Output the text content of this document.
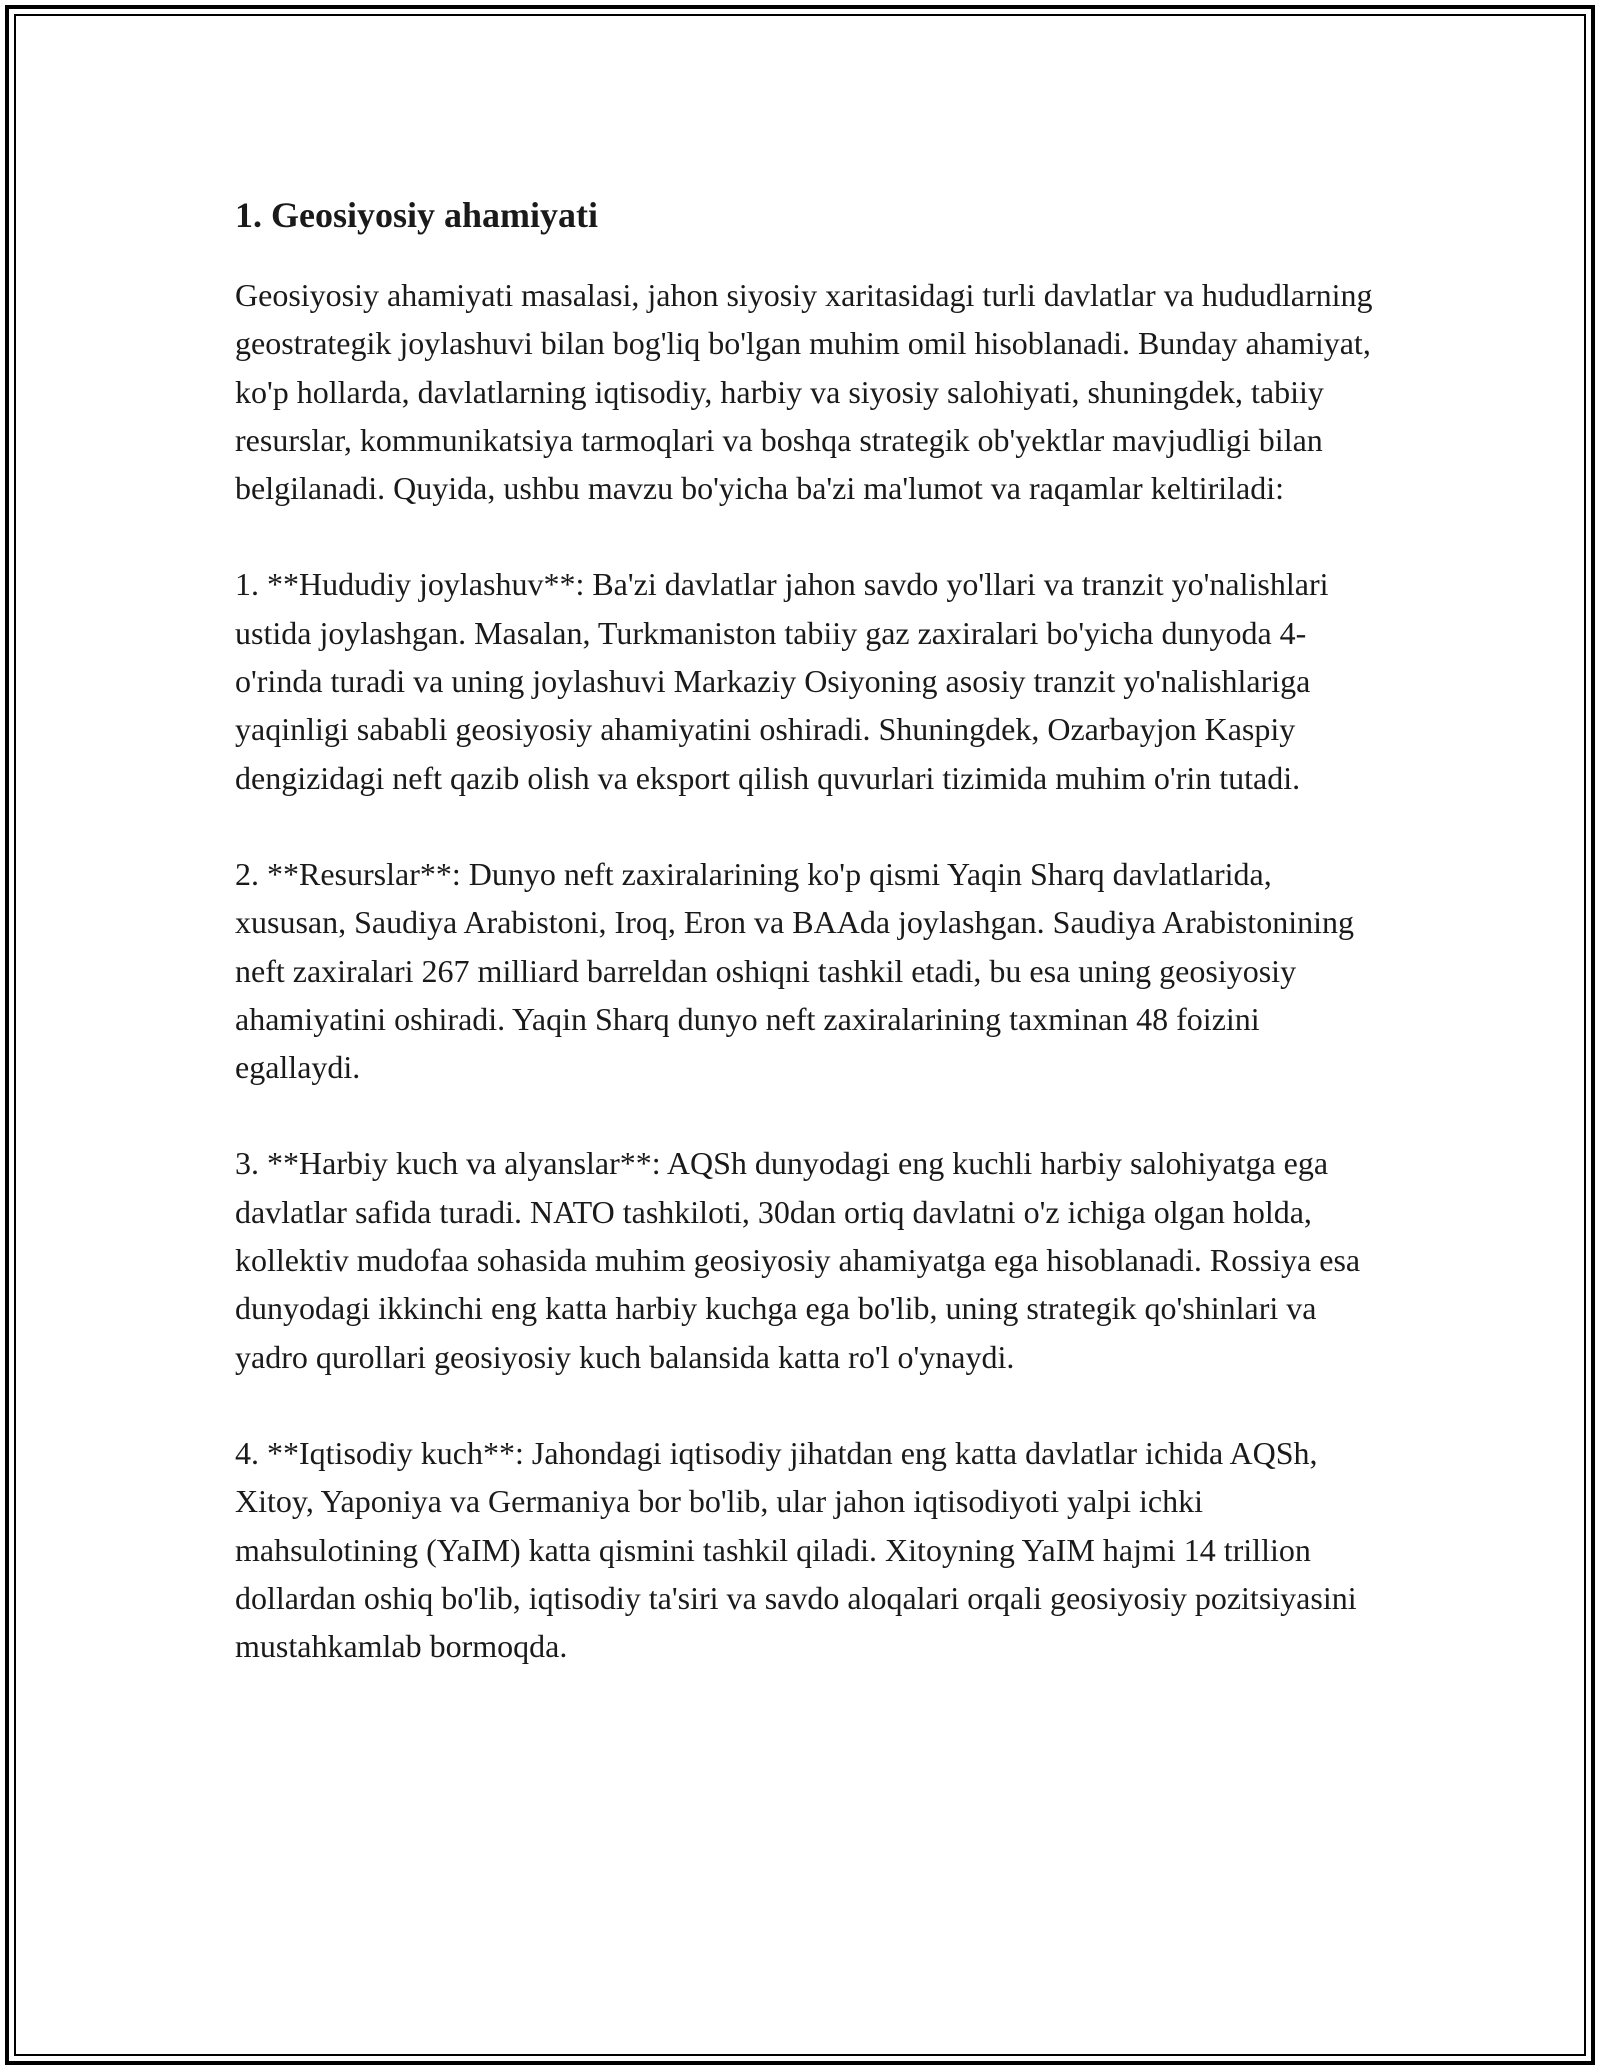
1. Geosiyosiy ahamiyati

Geosiyosiy ahamiyati masalasi, jahon siyosiy xaritasidagi turli davlatlar va hududlarning geostrategik joylashuvi bilan bog'liq bo'lgan muhim omil hisoblanadi. Bunday ahamiyat, ko'p hollarda, davlatlarning iqtisodiy, harbiy va siyosiy salohiyati, shuningdek, tabiiy resurslar, kommunikatsiya tarmoqlari va boshqa strategik ob'yektlar mavjudligi bilan belgilanadi. Quyida, ushbu mavzu bo'yicha ba'zi ma'lumot va raqamlar keltiriladi:

1. **Hududiy joylashuv**: Ba'zi davlatlar jahon savdo yo'llari va tranzit yo'nalishlari ustida joylashgan. Masalan, Turkmaniston tabiiy gaz zaxiralari bo'yicha dunyoda 4-o'rinda turadi va uning joylashuvi Markaziy Osiyoning asosiy tranzit yo'nalishlariga yaqinligi sababli geosiyosiy ahamiyatini oshiradi. Shuningdek, Ozarbayjon Kaspiy dengizidagi neft qazib olish va eksport qilish quvurlari tizimida muhim o'rin tutadi.

2. **Resurslar**: Dunyo neft zaxiralarining ko'p qismi Yaqin Sharq davlatlarida, xususan, Saudiya Arabistoni, Iroq, Eron va BAAda joylashgan. Saudiya Arabistonining neft zaxiralari 267 milliard barreldan oshiqni tashkil etadi, bu esa uning geosiyosiy ahamiyatini oshiradi. Yaqin Sharq dunyo neft zaxiralarining taxminan 48 foizini egallaydi.

3. **Harbiy kuch va alyanslar**: AQSh dunyodagi eng kuchli harbiy salohiyatga ega davlatlar safida turadi. NATO tashkiloti, 30dan ortiq davlatni o'z ichiga olgan holda, kollektiv mudofaa sohasida muhim geosiyosiy ahamiyatga ega hisoblanadi. Rossiya esa dunyodagi ikkinchi eng katta harbiy kuchga ega bo'lib, uning strategik qo'shinlari va yadro qurollari geosiyosiy kuch balansida katta ro'l o'ynaydi.

4. **Iqtisodiy kuch**: Jahondagi iqtisodiy jihatdan eng katta davlatlar ichida AQSh, Xitoy, Yaponiya va Germaniya bor bo'lib, ular jahon iqtisodiyoti yalpi ichki mahsulotining (YaIM) katta qismini tashkil qiladi. Xitoyning YaIM hajmi 14 trillion dollardan oshiq bo'lib, iqtisodiy ta'siri va savdo aloqalari orqali geosiyosiy pozitsiyasini mustahkamlab bormoqda.
